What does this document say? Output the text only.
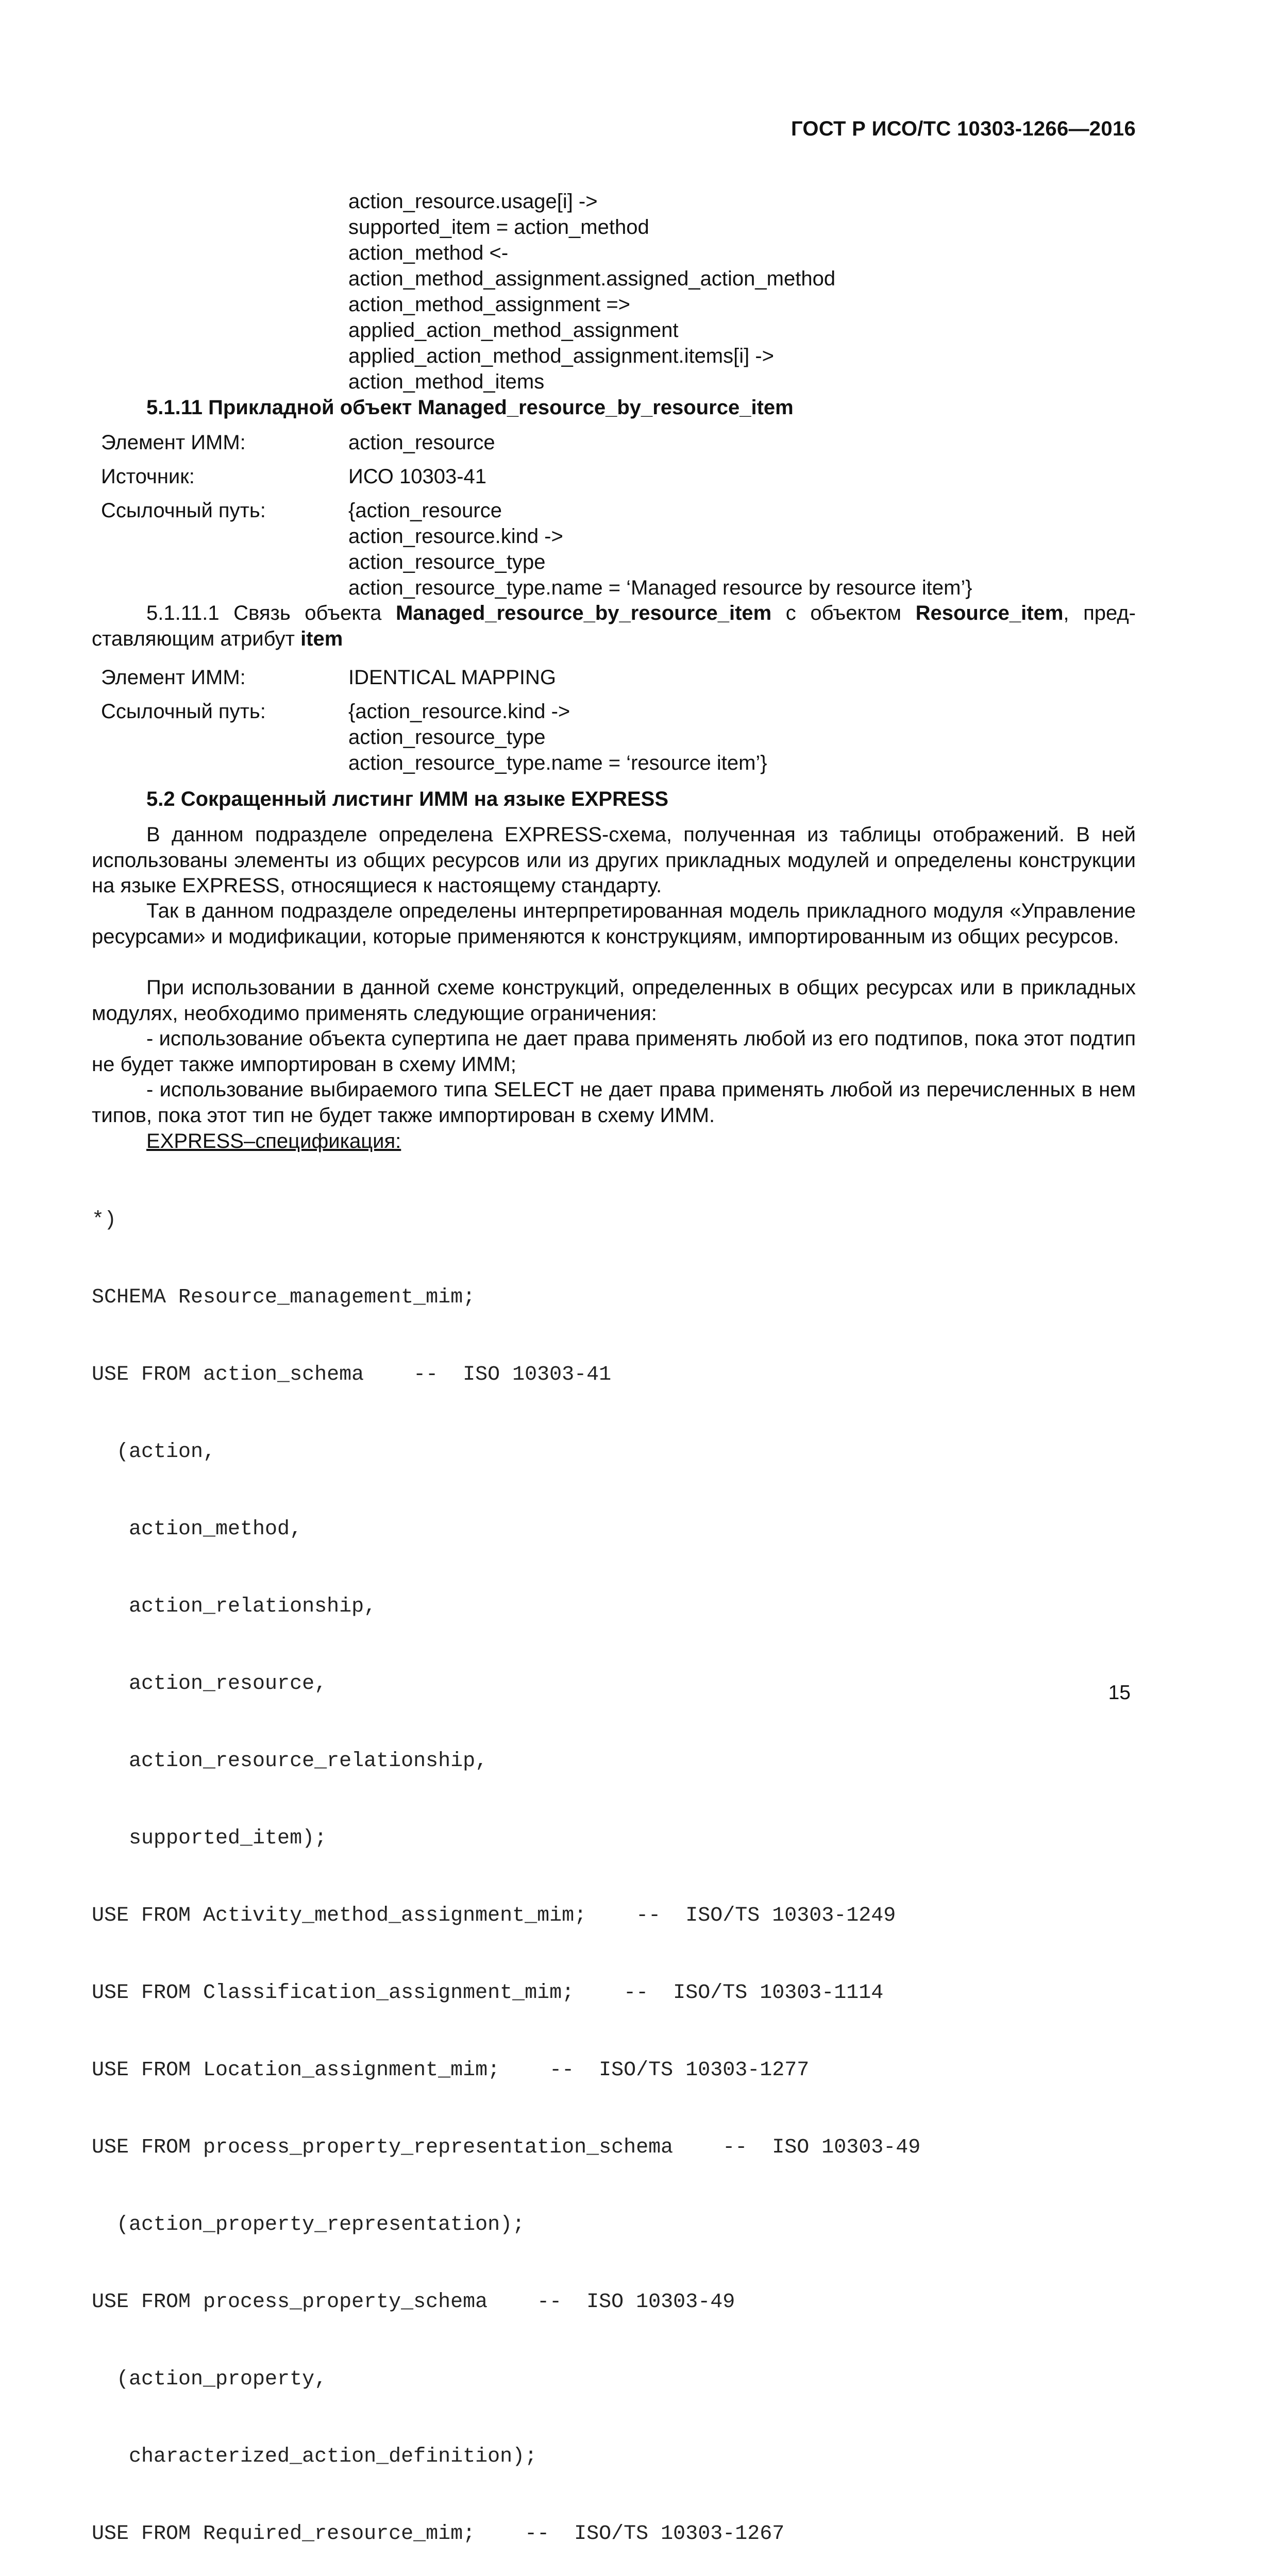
ГОСТ Р ИСО/ТС 10303-1266—2016
action_resource.usage[i] ->
supported_item = action_method
action_method <-
action_method_assignment.assigned_action_method
action_method_assignment =>
applied_action_method_assignment
applied_action_method_assignment.items[i] ->
action_method_items
5.1.11 Прикладной объект Managed_resource_by_resource_item
Элемент ИММ:	action_resource
Источник:	ИСО 10303-41
Ссылочный путь:	{action_resource
action_resource.kind ->
action_resource_type
action_resource_type.name = ‘Managed resource by resource item’}
5.1.11.1 Связь объекта Managed_resource_by_resource_item с объектом Resource_item, пред-ставляющим атрибут item
Элемент ИММ:	IDENTICAL MAPPING
Ссылочный путь:	{action_resource.kind ->
action_resource_type
action_resource_type.name = ‘resource item’}
5.2 Сокращенный листинг ИММ на языке EXPRESS
В данном подразделе определена EXPRESS-схема, полученная из таблицы отображений. В ней использованы элементы из общих ресурсов или из других прикладных модулей и определены конструкции на языке EXPRESS, относящиеся к настоящему стандарту.
Так в данном подразделе определены интерпретированная модель прикладного модуля «Управление ресурсами» и модификации, которые применяются к конструкциям, импортированным из общих ресурсов.
При использовании в данной схеме конструкций, определенных в общих ресурсах или в прикладных модулях, необходимо применять следующие ограничения:
- использование объекта супертипа не дает права применять любой из его подтипов, пока этот подтип не будет также импортирован в схему ИММ;
- использование выбираемого типа SELECT не дает права применять любой из перечисленных в нем типов, пока этот тип не будет также импортирован в схему ИММ.
EXPRESS–спецификация:

*)

SCHEMA Resource_management_mim;

USE FROM action_schema    --  ISO 10303-41

(action,

action_method,

action_relationship,

action_resource,

action_resource_relationship,

supported_item);

USE FROM Activity_method_assignment_mim;    --  ISO/TS 10303-1249

USE FROM Classification_assignment_mim;    --  ISO/TS 10303-1114

USE FROM Location_assignment_mim;    --  ISO/TS 10303-1277

USE FROM process_property_representation_schema    --  ISO 10303-49

(action_property_representation);

USE FROM process_property_schema    --  ISO 10303-49

(action_property,

characterized_action_definition);

USE FROM Required_resource_mim;    --  ISO/TS 10303-1267

15
